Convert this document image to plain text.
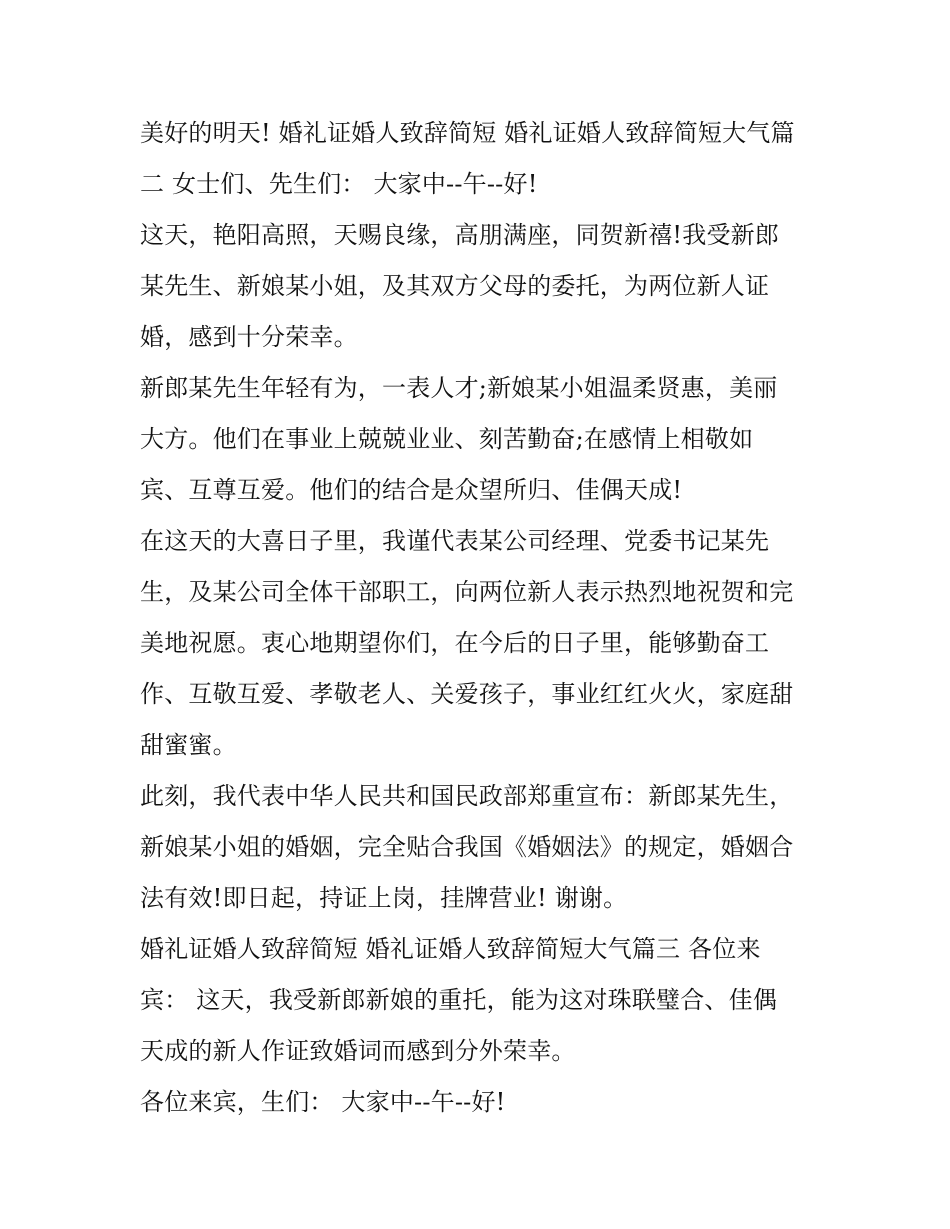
美好的明天! 婚礼证婚人致辞简短 婚礼证婚人致辞简短大气篇
二 女士们、先生们： 大家中--午--好!
这天，艳阳高照，天赐良缘，高朋满座，同贺新禧!我受新郎
某先生、新娘某小姐，及其双方父母的委托，为两位新人证
婚，感到十分荣幸。
新郎某先生年轻有为，一表人才;新娘某小姐温柔贤惠，美丽
大方。他们在事业上兢兢业业、刻苦勤奋;在感情上相敬如
宾、互尊互爱。他们的结合是众望所归、佳偶天成!
在这天的大喜日子里，我谨代表某公司经理、党委书记某先
生，及某公司全体干部职工，向两位新人表示热烈地祝贺和完
美地祝愿。衷心地期望你们，在今后的日子里，能够勤奋工
作、互敬互爱、孝敬老人、关爱孩子，事业红红火火，家庭甜
甜蜜蜜。
此刻，我代表中华人民共和国民政部郑重宣布：新郎某先生，
新娘某小姐的婚姻，完全贴合我国《婚姻法》的规定，婚姻合
法有效!即日起，持证上岗，挂牌营业! 谢谢。
婚礼证婚人致辞简短 婚礼证婚人致辞简短大气篇三 各位来
宾： 这天，我受新郎新娘的重托，能为这对珠联璧合、佳偶
天成的新人作证致婚词而感到分外荣幸。
各位来宾，生们： 大家中--午--好!
